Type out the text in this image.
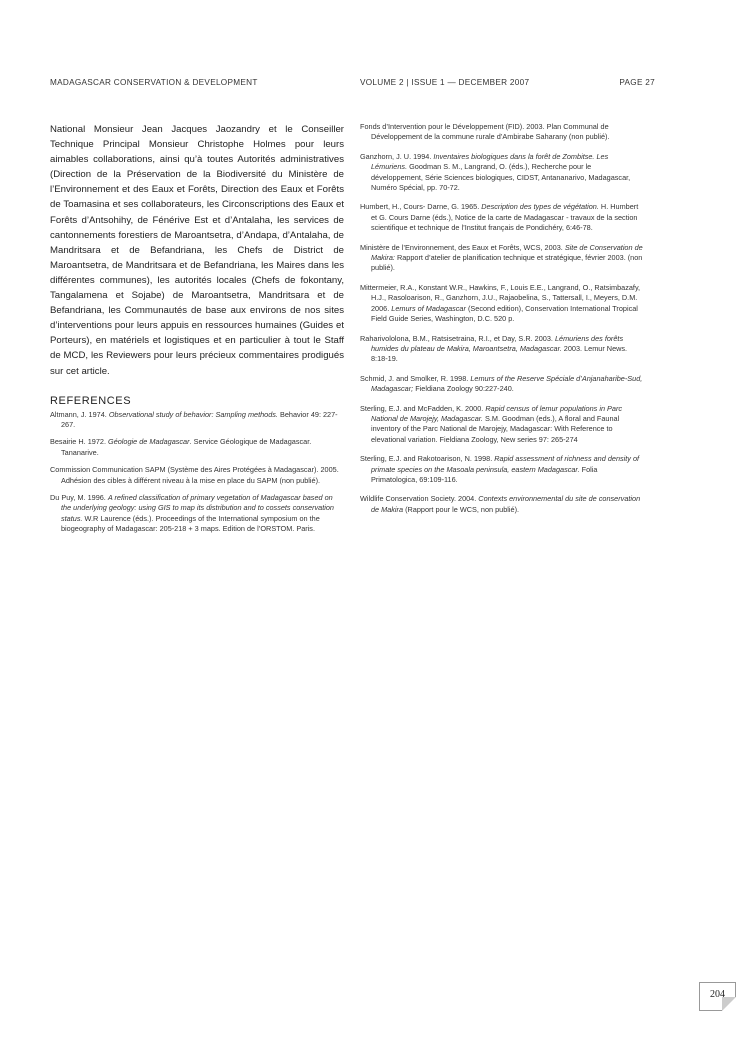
MADAGASCAR CONSERVATION & DEVELOPMENT	VOLUME 2 | ISSUE 1 — DECEMBER 2007	PAGE 27

National Monsieur Jean Jacques Jaozandry et le Conseiller Technique Principal Monsieur Christophe Holmes pour leurs aimables collaborations, ainsi qu’à toutes Autorités administratives (Direction de la Préservation de la Biodiversité du Ministère de l’Environnement et des Eaux et Forêts, Direction des Eaux et Forêts de Toamasina et ses collaborateurs, les Circonscriptions des Eaux et Forêts d’Antsohihy, de Fénérive Est et d’Antalaha, les services de cantonnements forestiers de Maroantsetra, d’Andapa, d’Antalaha, de Mandritsara et de Befandriana, les Chefs de District de Maroantsetra, de Mandritsara et de Befandriana, les Maires dans les différentes communes), les autorités locales (Chefs de fokontany, Tangalamena et Sojabe) de Maroantsetra, Mandritsara et de Befandriana, les Communautés de base aux environs de nos sites d’interventions pour leurs appuis en ressources humaines (Guides et Porteurs), en matériels et logistiques et en particulier à tout le Staff de MCD, les Reviewers pour leurs précieux commentaires prodigués sur cet article.

REFERENCES

Altmann, J. 1974. Observational study of behavior: Sampling methods. Behavior 49: 227-267.

Besairie H. 1972. Géologie de Madagascar. Service Géologique de Madagascar. Tananarive.

Commission Communication SAPM (Système des Aires Protégées à Madagascar). 2005. Adhésion des cibles à différent niveau à la mise en place du SAPM (non publié).

Du Puy, M. 1996. A refined classification of primary vegetation of Madagascar based on the underlying geology: using GIS to map its distribution and to cossets conservation status. W.R Laurence (éds.). Proceedings of the International symposium on the biogeography of Madagascar: 205-218 + 3 maps. Edition de l’ORSTOM. Paris.

Fonds d’Intervention pour le Développement (FID). 2003. Plan Communal de Développement de la commune rurale d’Ambirabe Saharany (non publié).

Ganzhorn, J. U. 1994. Inventaires biologiques dans la forêt de Zombitse. Les Lémuriens. Goodman S. M., Langrand, O. (éds.), Recherche pour le développement, Série Sciences biologiques, CIDST, Antananarivo, Madagascar, Numéro Spécial, pp. 70-72.

Humbert, H., Cours- Darne, G. 1965. Description des types de végétation. H. Humbert et G. Cours Darne (éds.), Notice de la carte de Madagascar - travaux de la section scientifique et technique de l’Institut français de Pondichéry, 6:46-78.

Ministère de l’Environnement, des Eaux et Forêts, WCS, 2003. Site de Conservation de Makira: Rapport d’atelier de planification technique et stratégique, février 2003. (non publié).

Mittermeier, R.A., Konstant W.R., Hawkins, F., Louis E.E., Langrand, O., Ratsimbazafy, H.J., Rasoloarison, R., Ganzhorn, J.U., Rajaobelina, S., Tattersall, I., Meyers, D.M. 2006. Lemurs of Madagascar (Second edition), Conservation International Tropical Field Guide Series, Washington, D.C. 520 p.

Raharivololona, B.M., Ratsisetraina, R.I., et Day, S.R. 2003. Lémuriens des forêts humides du plateau de Makira, Maroantsetra, Madagascar. 2003. Lemur News. 8:18-19.

Schmid, J. and Smolker, R. 1998. Lemurs of the Reserve Spéciale d’Anjanaharibe-Sud, Madagascar; Fieldiana Zoology 90:227-240.

Sterling, E.J. and McFadden, K. 2000. Rapid census of lemur populations in Parc National de Marojejy, Madagascar. S.M. Goodman (eds.), A floral and Faunal inventory of the Parc National de Marojejy, Madagascar: With Reference to elevational variation. Fieldiana Zoology, New series 97: 265-274

Sterling, E.J. and Rakotoarison, N. 1998. Rapid assessment of richness and density of primate species on the Masoala peninsula, eastern Madagascar. Folia Primatologica, 69:109-116.

Wildlife Conservation Society. 2004. Contexts environnemental du site de conservation de Makira (Rapport pour le WCS, non publié).

204
